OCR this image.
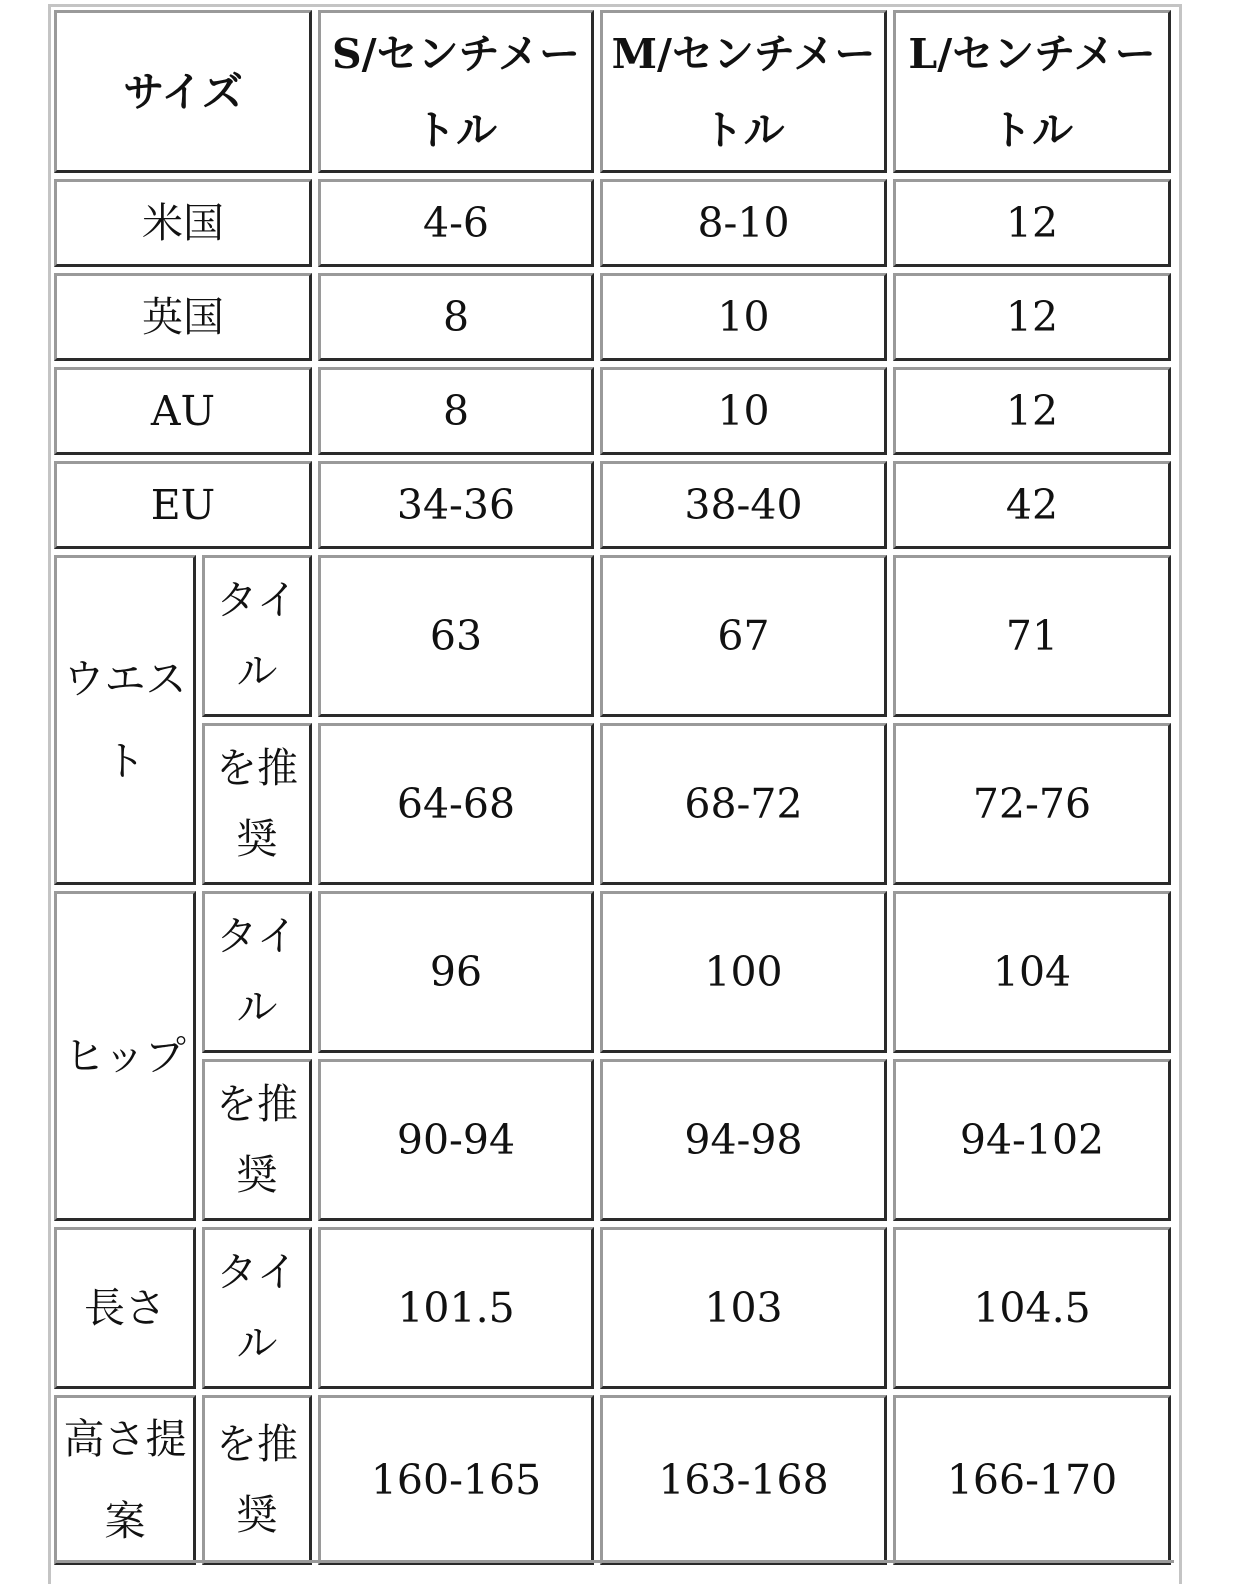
サイズ		S/センチメートル	M/センチメートル	L/センチメートル
米国		4-6	8-10	12
英国		8	10	12
AU		8	10	12
EU		34-36	38-40	42
ウエスト	タイル	63	67	71
	を推奨	64-68	68-72	72-76
ヒップ	タイル	96	100	104
	を推奨	90-94	94-98	94-102
長さ	タイル	101.5	103	104.5
高さ提案	を推奨	160-165	163-168	166-170
